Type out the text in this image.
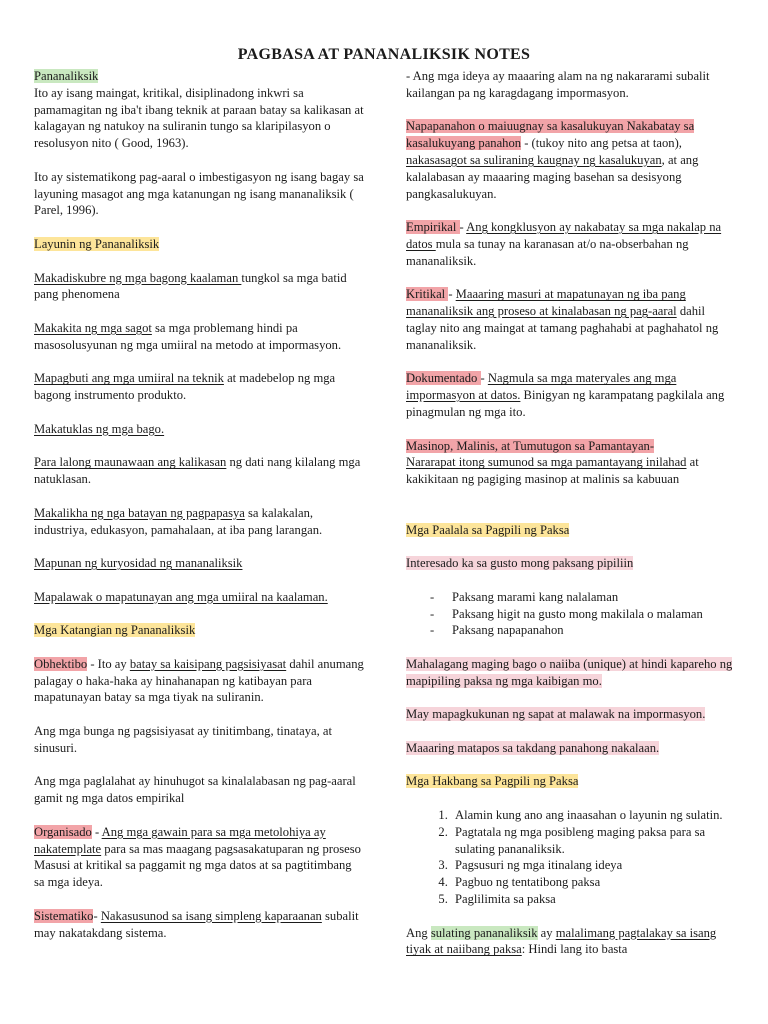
PAGBASA AT PANANALIKSIK NOTES

Pananaliksik
Ito ay isang maingat, kritikal, disiplinadong inkwri sa pamamagitan ng iba't ibang teknik at paraan batay sa kalikasan at kalagayan ng natukoy na suliranin tungo sa klaripilasyon o resolusyon nito ( Good, 1963).

Ito ay sistematikong pag-aaral o imbestigasyon ng isang bagay sa layuning masagot ang mga katanungan ng isang mananaliksik ( Parel, 1996).

Layunin ng Pananaliksik

Makadiskubre ng mga bagong kaalaman tungkol sa mga batid pang phenomena

Makakita ng mga sagot sa mga problemang hindi pa masosolusyunan ng mga umiiral na metodo at impormasyon.

Mapagbuti ang mga umiiral na teknik at madebelop ng mga bagong instrumento produkto.

Makatuklas ng mga bago.

Para lalong maunawaan ang kalikasan ng dati nang kilalang mga natuklasan.

Makalikha ng nga batayan ng pagpapasya sa kalakalan, industriya, edukasyon, pamahalaan, at iba pang larangan.

Mapunan ng kuryosidad ng mananaliksik

Mapalawak o mapatunayan ang mga umiiral na kaalaman.

Mga Katangian ng Pananaliksik

Obhektibo - Ito ay batay sa kaisipang pagsisiyasat dahil anumang palagay o haka-haka ay hinahanapan ng katibayan para mapatunayan batay sa mga tiyak na suliranin.

Ang mga bunga ng pagsisiyasat ay tinitimbang, tinataya, at sinusuri.

Ang mga paglalahat ay hinuhugot sa kinalalabasan ng pag-aaral gamit ng mga datos empirikal

Organisado - Ang mga gawain para sa mga metolohiya ay nakatemplate para sa mas maagang pagsasakatuparan ng proseso Masusi at kritikal sa paggamit ng mga datos at sa pagtitimbang sa mga ideya.

Sistematiko- Nakasusunod sa isang simpleng kaparaanan subalit may nakatakdang sistema.

- Ang mga ideya ay maaaring alam na ng nakararami subalit kailangan pa ng karagdagang impormasyon.

Napapanahon o maiuugnay sa kasalukuyan Nakabatay sa kasalukuyang panahon - (tukoy nito ang petsa at taon), nakasasagot sa suliraning kaugnay ng kasalukuyan, at ang kalalabasan ay maaaring maging basehan sa desisyong pangkasalukuyan.

Empirikal - Ang kongklusyon ay nakabatay sa mga nakalap na datos mula sa tunay na karanasan at/o na-obserbahan ng mananaliksik.

Kritikal - Maaaring masuri at mapatunayan ng iba pang mananaliksik ang proseso at kinalabasan ng pag-aaral dahil taglay nito ang maingat at tamang paghahabi at paghahatol ng mananaliksik.

Dokumentado - Nagmula sa mga materyales ang mga impormasyon at datos. Binigyan ng karampatang pagkilala ang pinagmulan ng mga ito.

Masinop, Malinis, at Tumutugon sa Pamantayan-
Nararapat itong sumunod sa mga pamantayang inilahad at kakikitaan ng pagiging masinop at malinis sa kabuuan

Mga Paalala sa Pagpili ng Paksa

Interesado ka sa gusto mong paksang pipiliin

- Paksang marami kang nalalaman
- Paksang higit na gusto mong makilala o malaman
- Paksang napapanahon

Mahalagang maging bago o naiiba (unique) at hindi kapareho ng mapipiling paksa ng mga kaibigan mo.

May mapagkukunan ng sapat at malawak na impormasyon.

Maaaring matapos sa takdang panahong nakalaan.

Mga Hakbang sa Pagpili ng Paksa

1. Alamin kung ano ang inaasahan o layunin ng sulatin.
2. Pagtatala ng mga posibleng maging paksa para sa sulating pananaliksik.
3. Pagsusuri ng mga itinalang ideya
4. Pagbuo ng tentatibong paksa
5. Paglilimita sa paksa

Ang sulating pananaliksik ay malalimang pagtalakay sa isang tiyak at naiibang paksa: Hindi lang ito basta
